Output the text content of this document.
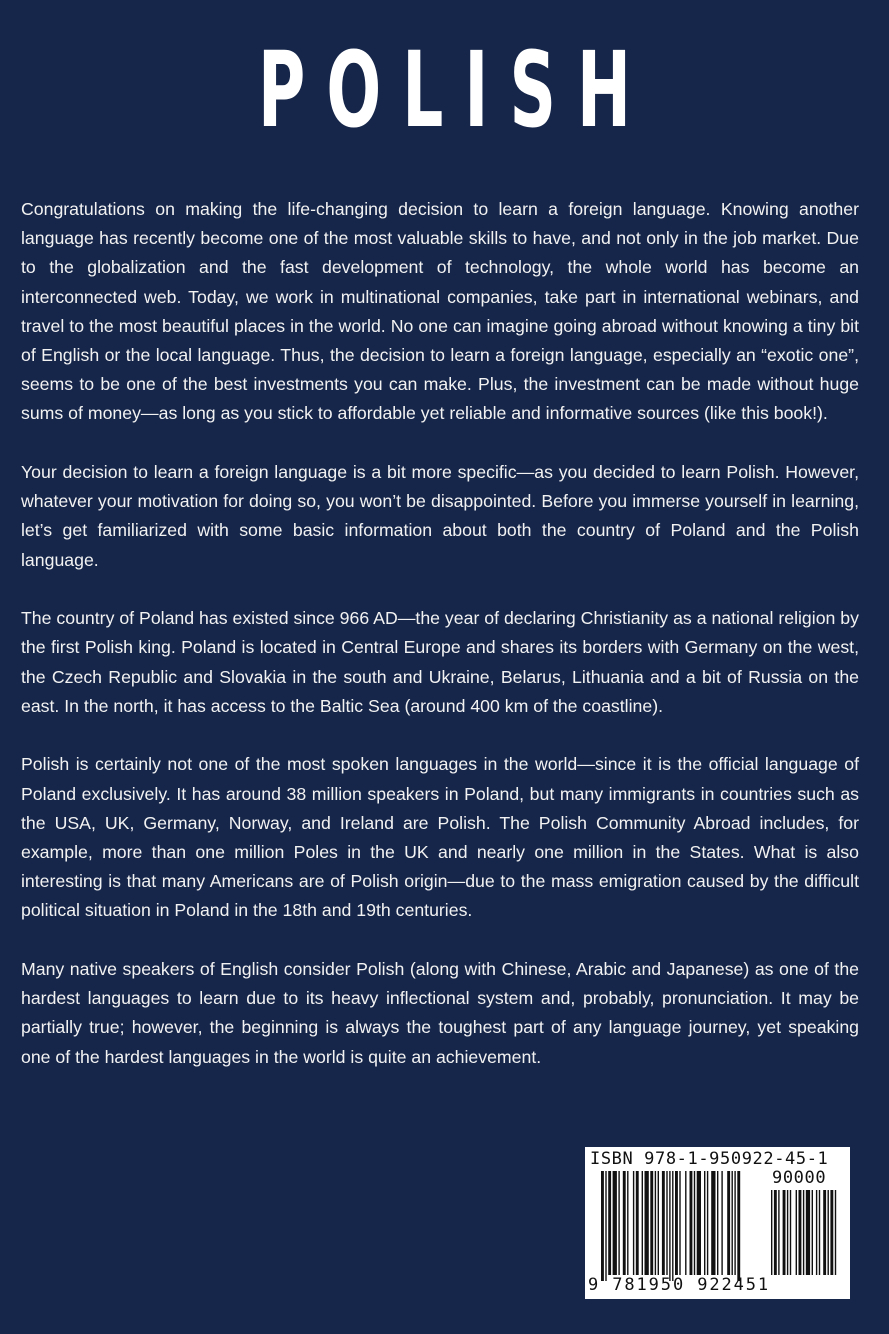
POLISH

Congratulations on making the life-changing decision to learn a foreign language. Knowing another language has recently become one of the most valuable skills to have, and not only in the job market. Due to the globalization and the fast development of technology, the whole world has become an interconnected web. Today, we work in multinational companies, take part in international webinars, and travel to the most beautiful places in the world. No one can imagine going abroad without knowing a tiny bit of English or the local language. Thus, the decision to learn a foreign language, especially an “exotic one”, seems to be one of the best investments you can make. Plus, the investment can be made without huge sums of money—as long as you stick to affordable yet reliable and informative sources (like this book!).

Your decision to learn a foreign language is a bit more specific—as you decided to learn Polish. However, whatever your motivation for doing so, you won’t be disappointed. Before you immerse yourself in learning, let’s get familiarized with some basic information about both the country of Poland and the Polish language.

The country of Poland has existed since 966 AD—the year of declaring Christianity as a national religion by the first Polish king. Poland is located in Central Europe and shares its borders with Germany on the west, the Czech Republic and Slovakia in the south and Ukraine, Belarus, Lithuania and a bit of Russia on the east. In the north, it has access to the Baltic Sea (around 400 km of the coastline).

Polish is certainly not one of the most spoken languages in the world—since it is the official language of Poland exclusively. It has around 38 million speakers in Poland, but many immigrants in countries such as the USA, UK, Germany, Norway, and Ireland are Polish. The Polish Community Abroad includes, for example, more than one million Poles in the UK and nearly one million in the States. What is also interesting is that many Americans are of Polish origin—due to the mass emigration caused by the difficult political situation in Poland in the 18th and 19th centuries.

Many native speakers of English consider Polish (along with Chinese, Arabic and Japanese) as one of the hardest languages to learn due to its heavy inflectional system and, probably, pronunciation. It may be partially true; however, the beginning is always the toughest part of any language journey, yet speaking one of the hardest languages in the world is quite an achievement.

ISBN 978-1-950922-45-1
90000
9 781950 922451
